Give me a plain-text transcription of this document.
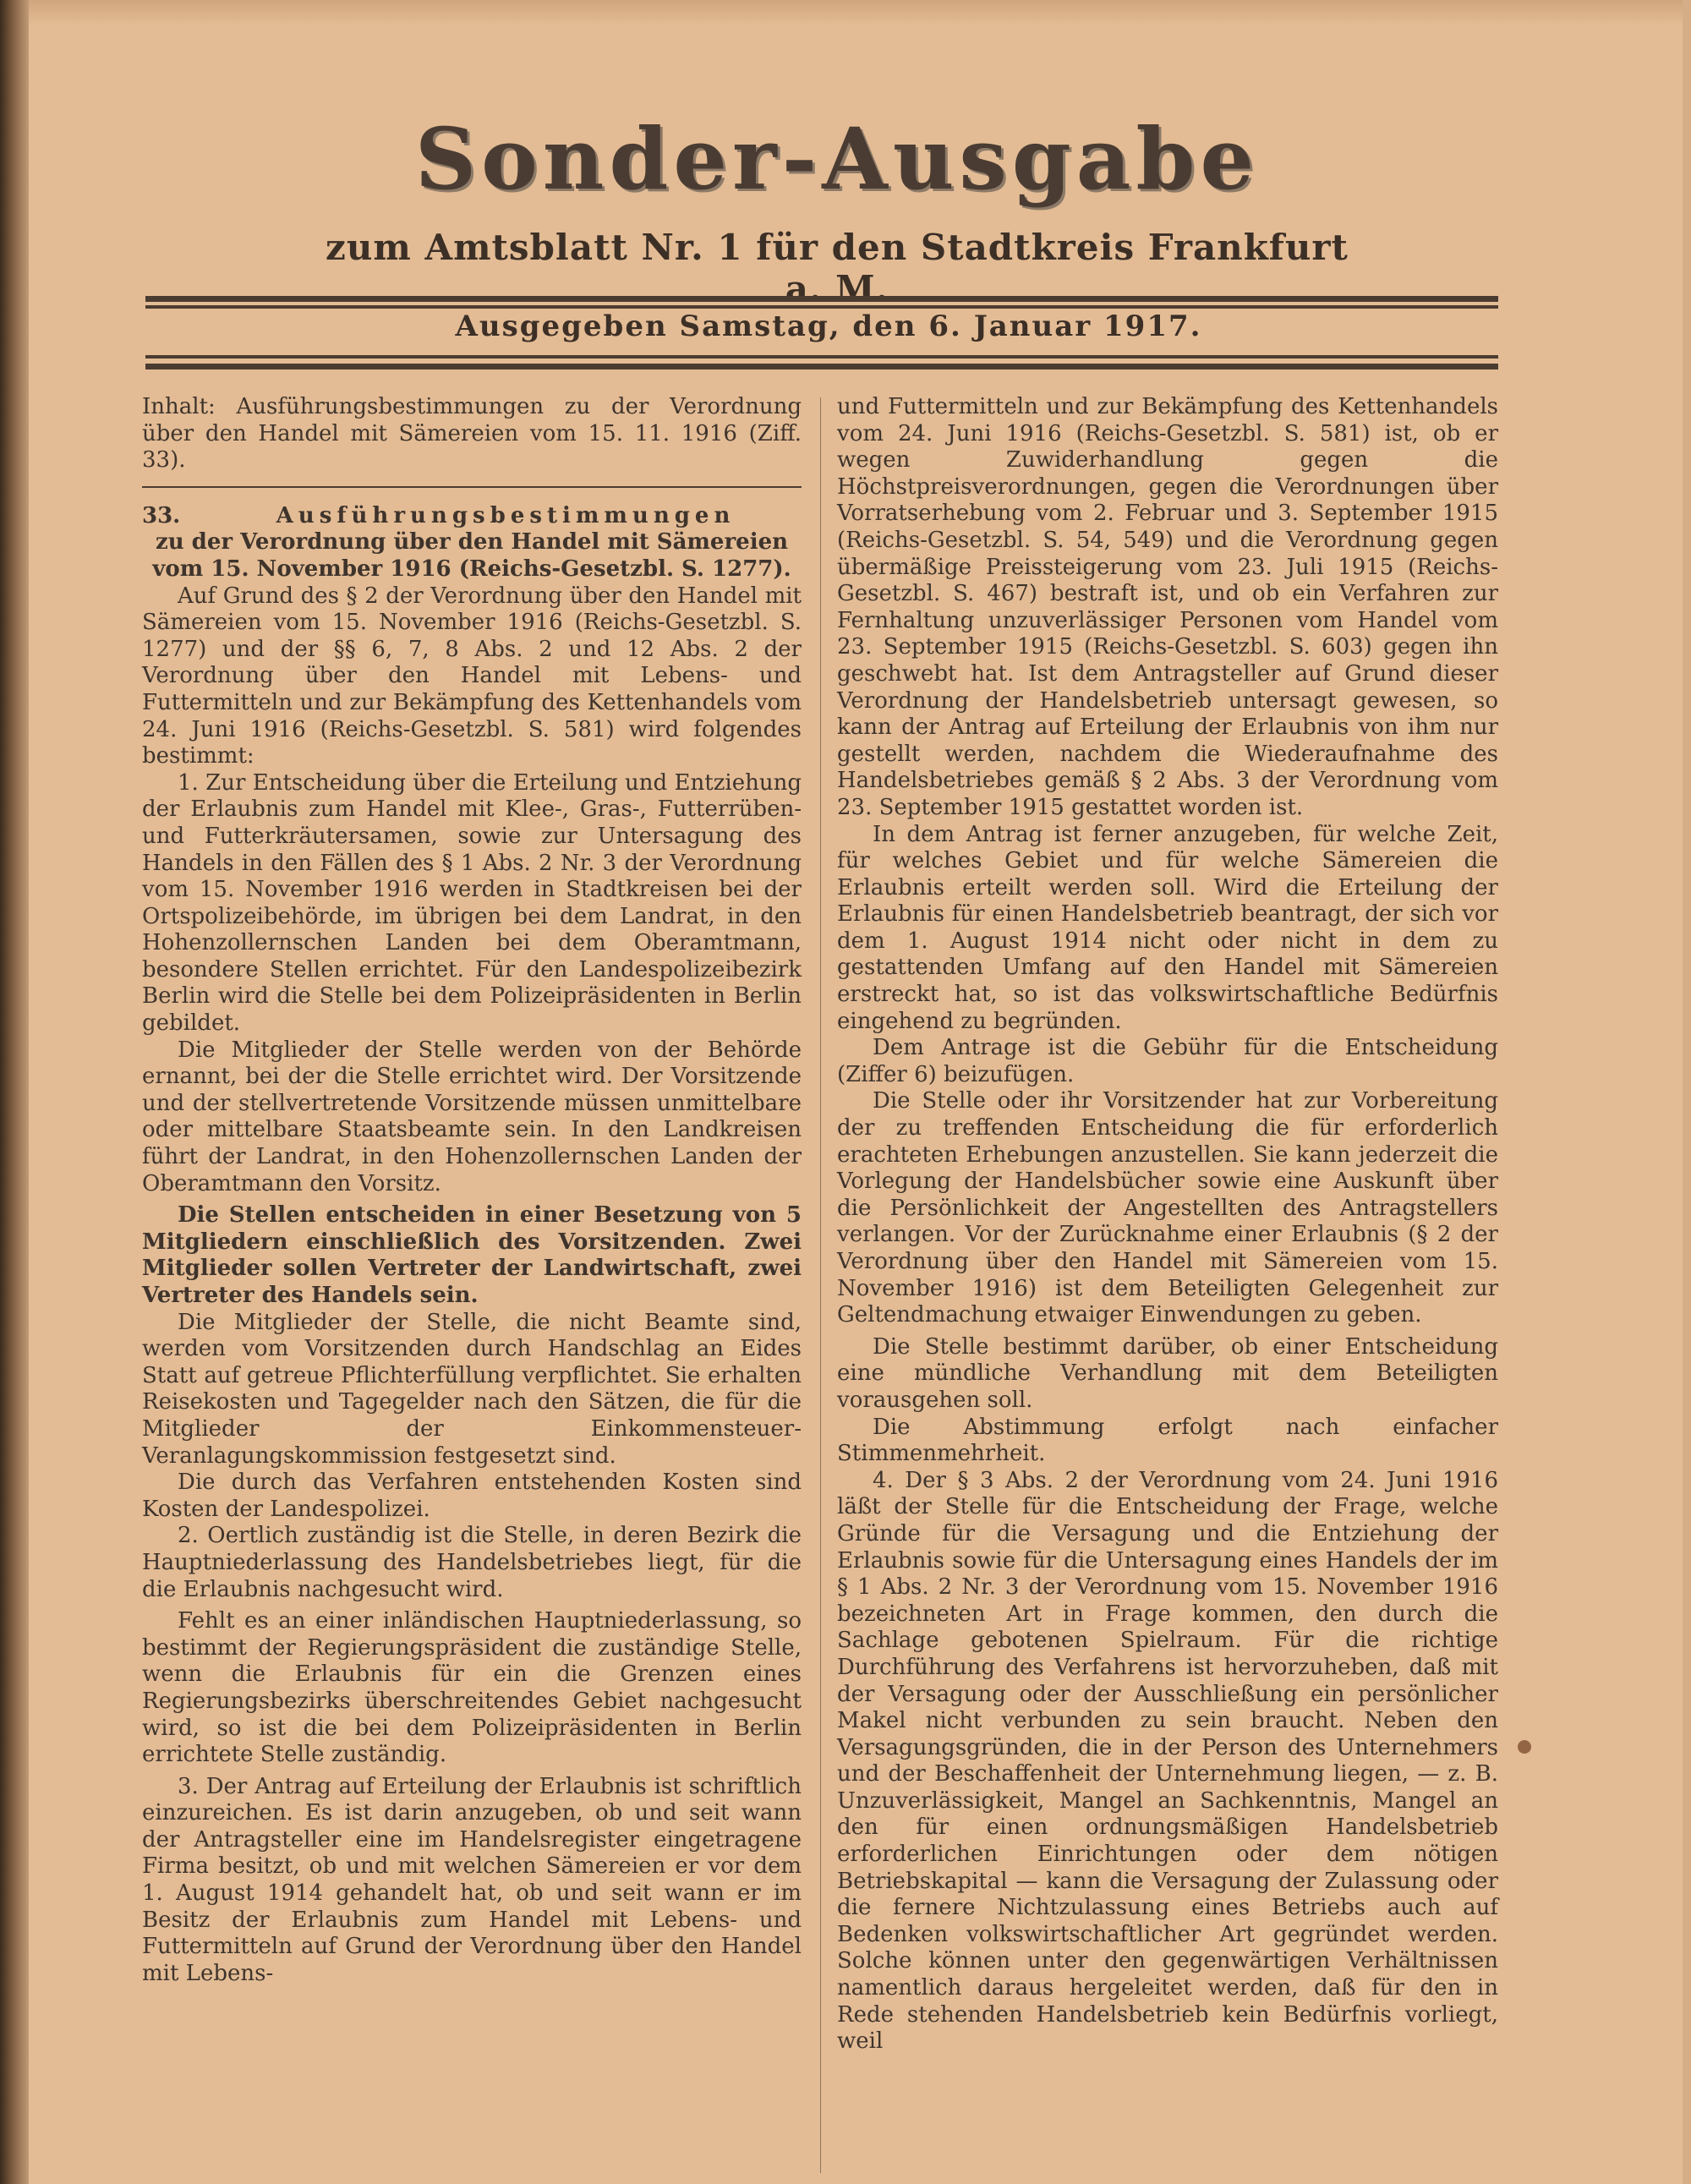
Sonder-Ausgabe
zum Amtsblatt Nr. 1 für den Stadtkreis Frankfurt a. M.
Ausgegeben Samstag, den 6. Januar 1917.

Inhalt: Ausführungsbestimmungen zu der Verordnung über den Handel mit Sämereien vom 15. 11. 1916 (Ziff. 33).

33.	Ausführungsbestimmungen

zu der Verordnung über den Handel mit Sämereien vom 15. November 1916 (Reichs-Gesetzbl. S. 1277).

Auf Grund des § 2 der Verordnung über den Handel mit Sämereien vom 15. November 1916 (Reichs-Gesetzbl. S. 1277) und der §§ 6, 7, 8 Abs. 2 und 12 Abs. 2 der Verordnung über den Handel mit Lebens- und Futtermitteln und zur Bekämpfung des Kettenhandels vom 24. Juni 1916 (Reichs-Gesetzbl. S. 581) wird folgendes bestimmt:

1. Zur Entscheidung über die Erteilung und Entziehung der Erlaubnis zum Handel mit Klee-, Gras-, Futterrüben- und Futterkräutersamen, sowie zur Untersagung des Handels in den Fällen des § 1 Abs. 2 Nr. 3 der Verordnung vom 15. November 1916 werden in Stadtkreisen bei der Ortspolizeibehörde, im übrigen bei dem Landrat, in den Hohenzollernschen Landen bei dem Oberamtmann, besondere Stellen errichtet. Für den Landespolizeibezirk Berlin wird die Stelle bei dem Polizeipräsidenten in Berlin gebildet.

Die Mitglieder der Stelle werden von der Behörde ernannt, bei der die Stelle errichtet wird. Der Vorsitzende und der stellvertretende Vorsitzende müssen unmittelbare oder mittelbare Staatsbeamte sein. In den Landkreisen führt der Landrat, in den Hohenzollernschen Landen der Oberamtmann den Vorsitz.

Die Stellen entscheiden in einer Besetzung von 5 Mitgliedern einschließlich des Vorsitzenden. Zwei Mitglieder sollen Vertreter der Landwirtschaft, zwei Vertreter des Handels sein.

Die Mitglieder der Stelle, die nicht Beamte sind, werden vom Vorsitzenden durch Handschlag an Eides Statt auf getreue Pflichterfüllung verpflichtet. Sie erhalten Reisekosten und Tagegelder nach den Sätzen, die für die Mitglieder der Einkommensteuer-Veranlagungskommission festgesetzt sind.

Die durch das Verfahren entstehenden Kosten sind Kosten der Landespolizei.

2. Oertlich zuständig ist die Stelle, in deren Bezirk die Hauptniederlassung des Handelsbetriebes liegt, für die die Erlaubnis nachgesucht wird.

Fehlt es an einer inländischen Hauptniederlassung, so bestimmt der Regierungspräsident die zuständige Stelle, wenn die Erlaubnis für ein die Grenzen eines Regierungsbezirks überschreitendes Gebiet nachgesucht wird, so ist die bei dem Polizeipräsidenten in Berlin errichtete Stelle zuständig.

3. Der Antrag auf Erteilung der Erlaubnis ist schriftlich einzureichen. Es ist darin anzugeben, ob und seit wann der Antragsteller eine im Handelsregister eingetragene Firma besitzt, ob und mit welchen Sämereien er vor dem 1. August 1914 gehandelt hat, ob und seit wann er im Besitz der Erlaubnis zum Handel mit Lebens- und Futtermitteln auf Grund der Verordnung über den Handel mit Lebens-

und Futtermitteln und zur Bekämpfung des Kettenhandels vom 24. Juni 1916 (Reichs-Gesetzbl. S. 581) ist, ob er wegen Zuwiderhandlung gegen die Höchstpreisverordnungen, gegen die Verordnungen über Vorratserhebung vom 2. Februar und 3. September 1915 (Reichs-Gesetzbl. S. 54, 549) und die Verordnung gegen übermäßige Preissteigerung vom 23. Juli 1915 (Reichs-Gesetzbl. S. 467) bestraft ist, und ob ein Verfahren zur Fernhaltung unzuverlässiger Personen vom Handel vom 23. September 1915 (Reichs-Gesetzbl. S. 603) gegen ihn geschwebt hat. Ist dem Antragsteller auf Grund dieser Verordnung der Handelsbetrieb untersagt gewesen, so kann der Antrag auf Erteilung der Erlaubnis von ihm nur gestellt werden, nachdem die Wiederaufnahme des Handelsbetriebes gemäß § 2 Abs. 3 der Verordnung vom 23. September 1915 gestattet worden ist.

In dem Antrag ist ferner anzugeben, für welche Zeit, für welches Gebiet und für welche Sämereien die Erlaubnis erteilt werden soll. Wird die Erteilung der Erlaubnis für einen Handelsbetrieb beantragt, der sich vor dem 1. August 1914 nicht oder nicht in dem zu gestattenden Umfang auf den Handel mit Sämereien erstreckt hat, so ist das volkswirtschaftliche Bedürfnis eingehend zu begründen.

Dem Antrage ist die Gebühr für die Entscheidung (Ziffer 6) beizufügen.

Die Stelle oder ihr Vorsitzender hat zur Vorbereitung der zu treffenden Entscheidung die für erforderlich erachteten Erhebungen anzustellen. Sie kann jederzeit die Vorlegung der Handelsbücher sowie eine Auskunft über die Persönlichkeit der Angestellten des Antragstellers verlangen. Vor der Zurücknahme einer Erlaubnis (§ 2 der Verordnung über den Handel mit Sämereien vom 15. November 1916) ist dem Beteiligten Gelegenheit zur Geltendmachung etwaiger Einwendungen zu geben.

Die Stelle bestimmt darüber, ob einer Entscheidung eine mündliche Verhandlung mit dem Beteiligten vorausgehen soll.

Die Abstimmung erfolgt nach einfacher Stimmenmehrheit.

4. Der § 3 Abs. 2 der Verordnung vom 24. Juni 1916 läßt der Stelle für die Entscheidung der Frage, welche Gründe für die Versagung und die Entziehung der Erlaubnis sowie für die Untersagung eines Handels der im § 1 Abs. 2 Nr. 3 der Verordnung vom 15. November 1916 bezeichneten Art in Frage kommen, den durch die Sachlage gebotenen Spielraum. Für die richtige Durchführung des Verfahrens ist hervorzuheben, daß mit der Versagung oder der Ausschließung ein persönlicher Makel nicht verbunden zu sein braucht. Neben den Versagungsgründen, die in der Person des Unternehmers und der Beschaffenheit der Unternehmung liegen, — z. B. Unzuverlässigkeit, Mangel an Sachkenntnis, Mangel an den für einen ordnungsmäßigen Handelsbetrieb erforderlichen Einrichtungen oder dem nötigen Betriebskapital — kann die Versagung der Zulassung oder die fernere Nichtzulassung eines Betriebs auch auf Bedenken volkswirtschaftlicher Art gegründet werden. Solche können unter den gegenwärtigen Verhältnissen namentlich daraus hergeleitet werden, daß für den in Rede stehenden Handelsbetrieb kein Bedürfnis vorliegt, weil
